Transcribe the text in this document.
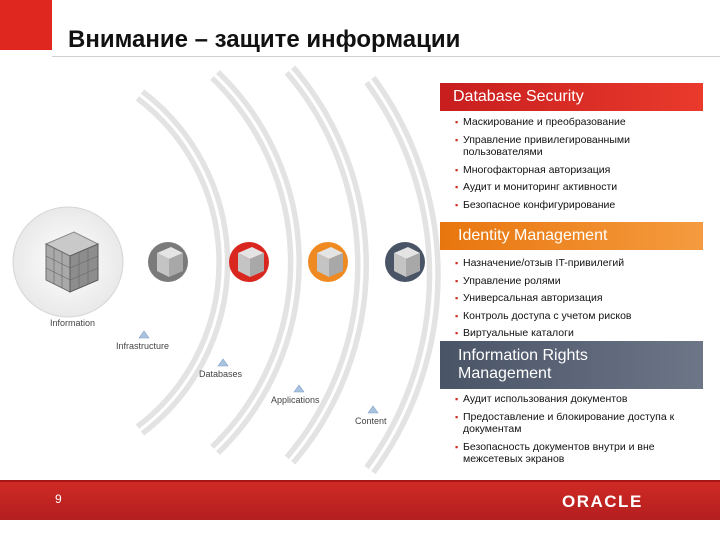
Внимание – защите информации
Information
Infrastructure
Databases
Applications
Content
Database Security
▪ Маскирование и преобразование
▪ Управление привилегированными пользователями
▪ Многофакторная авторизация
▪ Аудит и мониторинг активности
▪ Безопасное конфигурирование
Identity Management
▪ Назначение/отзыв IT-привилегий
▪ Управление ролями
▪ Универсальная авторизация
▪ Контроль доступа с учетом рисков
▪ Виртуальные каталоги
Information Rights
Management
▪ Аудит использования документов
▪ Предоставление и блокирование доступа к документам
▪ Безопасность документов внутри и вне межсетевых экранов
9	ORACLE
